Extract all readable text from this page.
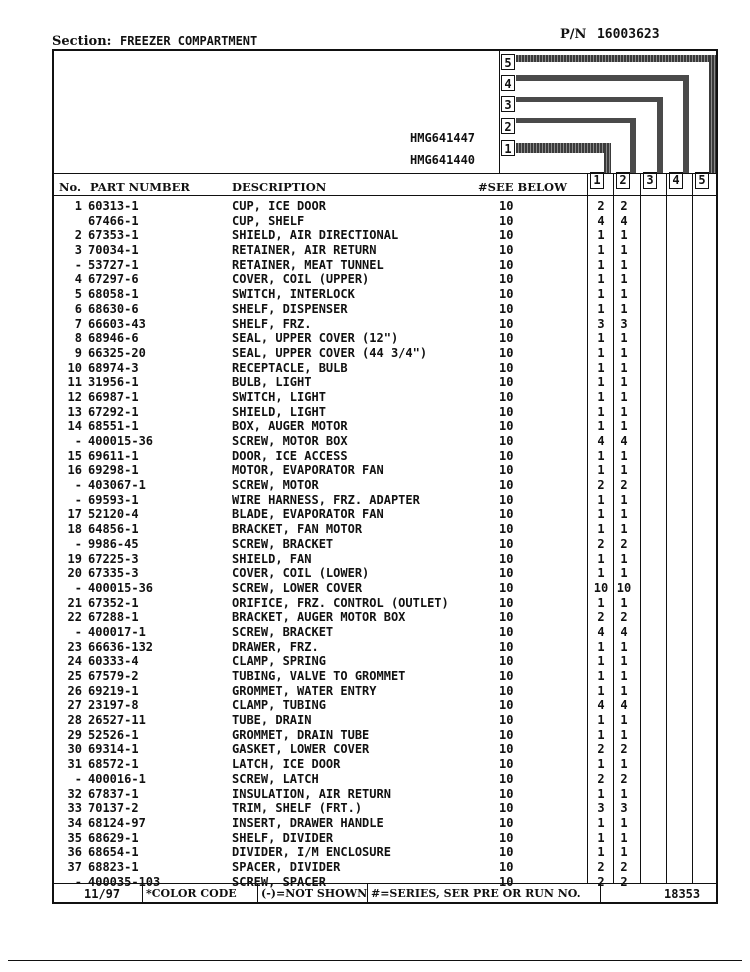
Section: FREEZER COMPARTMENT	P/N 16003623
HMG641447
HMG641440
5
4
3
2
1
1 2 3 4 5
No. PART NUMBER	DESCRIPTION	#SEE BELOW
1 60313-1	CUP, ICE DOOR	10	2	2
67466-1	CUP, SHELF	10	4	4
2 67353-1	SHIELD, AIR DIRECTIONAL	10	1	1
3 70034-1	RETAINER, AIR RETURN	10	1	1
- 53727-1	RETAINER, MEAT TUNNEL	10	1	1
4 67297-6	COVER, COIL (UPPER)	10	1	1
5 68058-1	SWITCH, INTERLOCK	10	1	1
6 68630-6	SHELF, DISPENSER	10	1	1
7 66603-43	SHELF, FRZ.	10	3	3
8 68946-6	SEAL, UPPER COVER (12")	10	1	1
9 66325-20	SEAL, UPPER COVER (44 3/4")	10	1	1
10 68974-3	RECEPTACLE, BULB	10	1	1
11 31956-1	BULB, LIGHT	10	1	1
12 66987-1	SWITCH, LIGHT	10	1	1
13 67292-1	SHIELD, LIGHT	10	1	1
14 68551-1	BOX, AUGER MOTOR	10	1	1
- 400015-36	SCREW, MOTOR BOX	10	4	4
15 69611-1	DOOR, ICE ACCESS	10	1	1
16 69298-1	MOTOR, EVAPORATOR FAN	10	1	1
- 403067-1	SCREW, MOTOR	10	2	2
- 69593-1	WIRE HARNESS, FRZ. ADAPTER	10	1	1
17 52120-4	BLADE, EVAPORATOR FAN	10	1	1
18 64856-1	BRACKET, FAN MOTOR	10	1	1
- 9986-45	SCREW, BRACKET	10	2	2
19 67225-3	SHIELD, FAN	10	1	1
20 67335-3	COVER, COIL (LOWER)	10	1	1
- 400015-36	SCREW, LOWER COVER	10	10 10
21 67352-1	ORIFICE, FRZ. CONTROL (OUTLET)	10	1	1
22 67288-1	BRACKET, AUGER MOTOR BOX	10	2	2
- 400017-1	SCREW, BRACKET	10	4	4
23 66636-132	DRAWER, FRZ.	10	1	1
24 60333-4	CLAMP, SPRING	10	1	1
25 67579-2	TUBING, VALVE TO GROMMET	10	1	1
26 69219-1	GROMMET, WATER ENTRY	10	1	1
27 23197-8	CLAMP, TUBING	10	4	4
28 26527-11	TUBE, DRAIN	10	1	1
29 52526-1	GROMMET, DRAIN TUBE	10	1	1
30 69314-1	GASKET, LOWER COVER	10	2	2
31 68572-1	LATCH, ICE DOOR	10	1	1
- 400016-1	SCREW, LATCH	10	2	2
32 67837-1	INSULATION, AIR RETURN	10	1	1
33 70137-2	TRIM, SHELF (FRT.)	10	3	3
34 68124-97	INSERT, DRAWER HANDLE	10	1	1
35 68629-1	SHELF, DIVIDER	10	1	1
36 68654-1	DIVIDER, I/M ENCLOSURE	10	1	1
37 68823-1	SPACER, DIVIDER	10	2	2
- 400035-103	SCREW, SPACER	10	2	2
11/97 *COLOR CODE (-)=NOT SHOWN #=SERIES, SER PRE OR RUN NO.	18353
